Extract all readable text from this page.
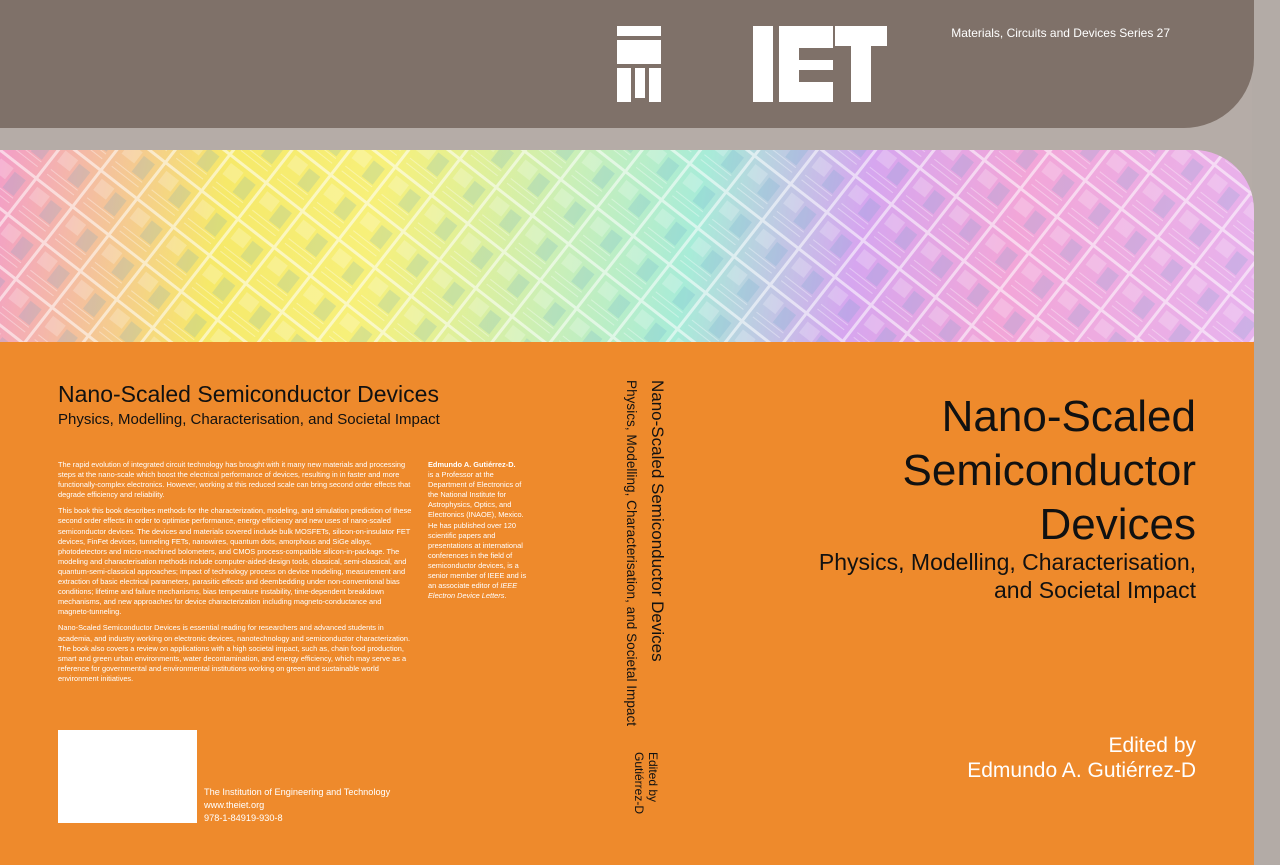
Materials, Circuits and Devices Series 27
Nano-Scaled Semiconductor Devices
Physics, Modelling, Characterisation, and Societal Impact

The rapid evolution of integrated circuit technology has brought with it many new materials and processing steps at the nano-scale which boost the electrical performance of devices, resulting in in faster and more functionally-complex electronics. However, working at this reduced scale can bring second order effects that degrade efficiency and reliability.

This book this book describes methods for the characterization, modeling, and simulation prediction of these second order effects in order to optimise performance, energy efficiency and new uses of nano-scaled semiconductor devices. The devices and materials covered include bulk MOSFETs, silicon-on-insulator FET devices, FinFet devices, tunneling FETs, nanowires, quantum dots, amorphous and SiGe alloys, photodetectors and micro-machined bolometers, and CMOS process-compatible silicon-in-package. The modeling and characterisation methods include computer-aided-design tools, classical, semi-classical, and quantum-semi-classical approaches; impact of technology process on device modeling, measurement and extraction of basic electrical parameters, parasitic effects and deembedding under non-conventional bias conditions; lifetime and failure mechanisms, bias temperature instability, time-dependent breakdown mechanisms, and new approaches for device characterization including magneto-conductance and magneto-tunneling.

Nano-Scaled Semiconductor Devices is essential reading for researchers and advanced students in academia, and industry working on electronic devices, nanotechnology and semiconductor characterization. The book also covers a review on applications with a high societal impact, such as, chain food production, smart and green urban environments, water decontamination, and energy efficiency, which may serve as a reference for governmental and environmental institutions working on green and sustainable world environment initiatives.

Edmundo A. Gutiérrez-D.
is a Professor at the Department of Electronics of the National Institute for Astrophysics, Optics, and Electronics (INAOE), Mexico. He has published over 120 scientific papers and presentations at international conferences in the field of semiconductor devices, is a senior member of IEEE and is an associate editor of IEEE Electron Device Letters.
The Institution of Engineering and Technology
www.theiet.org
978-1-84919-930-8
Nano-Scaled Semiconductor Devices
Physics, Modelling, Characterisation, and Societal Impact
Edited by
Gutiérrez-D
Nano-Scaled
Semiconductor
Devices
Physics, Modelling, Characterisation,
and Societal Impact
Edited by
Edmundo A. Gutiérrez-D
